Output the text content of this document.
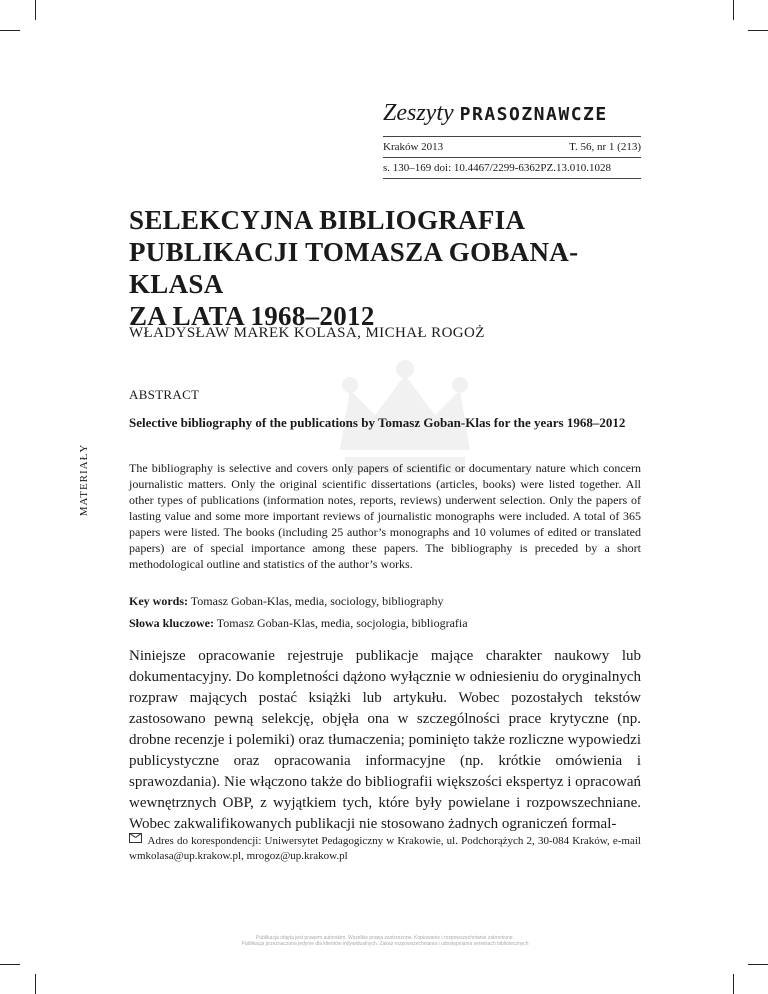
Zeszyty PRASOZNAWCZE
Kraków 2013	T. 56, nr 1 (213)
s. 130–169 doi: 10.4467/2299-6362PZ.13.010.1028
SELEKCYJNA BIBLIOGRAFIA
PUBLIKACJI TOMASZA GOBANA-KLASA
ZA LATA 1968–2012
WŁADYSŁAW MAREK KOLASA, MICHAŁ ROGOŻ
MATERIAŁY
ABSTRACT
Selective bibliography of the publications by Tomasz Goban-Klas for the years 1968–2012
The bibliography is selective and covers only papers of scientific or documentary nature which concern journalistic matters. Only the original scientific dissertations (articles, books) were listed together. All other types of publications (information notes, reports, reviews) underwent selection. Only the papers of lasting value and some more important reviews of journalistic monographs were included. A total of 365 papers were listed. The books (including 25 author’s monographs and 10 volumes of edited or translated papers) are of special importance among these papers. The bibliography is preceded by a short methodological outline and statistics of the author’s works.
Key words: Tomasz Goban-Klas, media, sociology, bibliography
Słowa kluczowe: Tomasz Goban-Klas, media, socjologia, bibliografia
Niniejsze opracowanie rejestruje publikacje mające charakter naukowy lub dokumentacyjny. Do kompletności dążono wyłącznie w odniesieniu do oryginalnych rozpraw mających postać książki lub artykułu. Wobec pozostałych tekstów zastosowano pewną selekcję, objęła ona w szczególności prace krytyczne (np. drobne recenzje i polemiki) oraz tłumaczenia; pominięto także rozliczne wypowiedzi publicystyczne oraz opracowania informacyjne (np. krótkie omówienia i sprawozdania). Nie włączono także do bibliografii większości ekspertyz i opracowań wewnętrznych OBP, z wyjątkiem tych, które były powielane i rozpowszechniane. Wobec zakwalifikowanych publikacji nie stosowano żadnych ograniczeń formal-
Adres do korespondencji: Uniwersytet Pedagogiczny w Krakowie, ul. Podchorążych 2, 30-084 Kraków, e-mail wmkolasa@up.krakow.pl, mrogoz@up.krakow.pl
Publikacja objęta jest prawem autorskim. Wszelkie prawa zastrzeżone. Kopiowanie i rozpowszechnianie zabronione.
Publikacja przeznaczona jedynie dla klientów indywidualnych. Zakaz rozpowszechniania i udostępniania serwisach bibliotecznych
